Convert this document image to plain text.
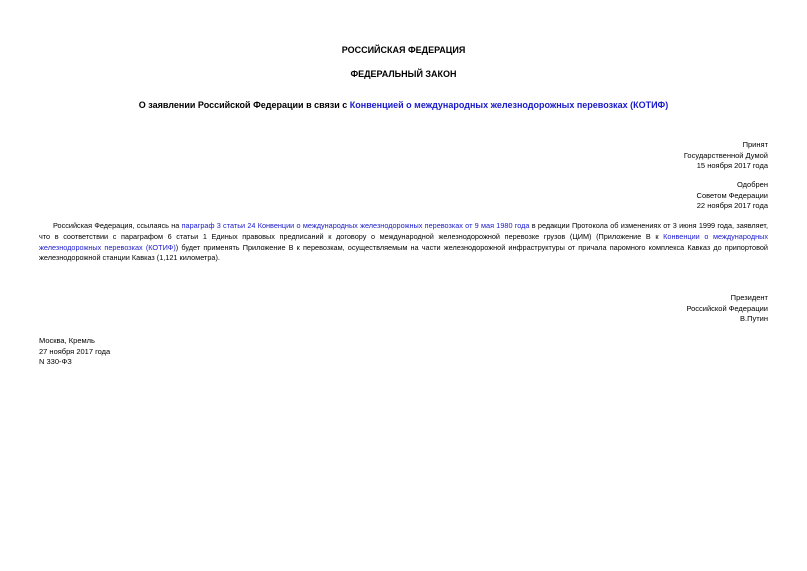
РОССИЙСКАЯ ФЕДЕРАЦИЯ
ФЕДЕРАЛЬНЫЙ ЗАКОН
О заявлении Российской Федерации в связи с Конвенцией о международных железнодорожных перевозках (КОТИФ)
Принят
Государственной Думой
15 ноября 2017 года
Одобрен
Советом Федерации
22 ноября 2017 года
Российская Федерация, ссылаясь на параграф 3 статьи 24 Конвенции о международных железнодорожных перевозках от 9 мая 1980 года в редакции Протокола об изменениях от 3 июня 1999 года, заявляет, что в соответствии с параграфом 6 статьи 1 Единых правовых предписаний к договору о международной железнодорожной перевозке грузов (ЦИМ) (Приложение В к Конвенции о международных железнодорожных перевозках (КОТИФ)) будет применять Приложение В к перевозкам, осуществляемым на части железнодорожной инфраструктуры от причала паромного комплекса Кавказ до припортовой железнодорожной станции Кавказ (1,121 километра).
Президент
Российской Федерации
В.Путин
Москва, Кремль
27 ноября 2017 года
N 330-ФЗ
